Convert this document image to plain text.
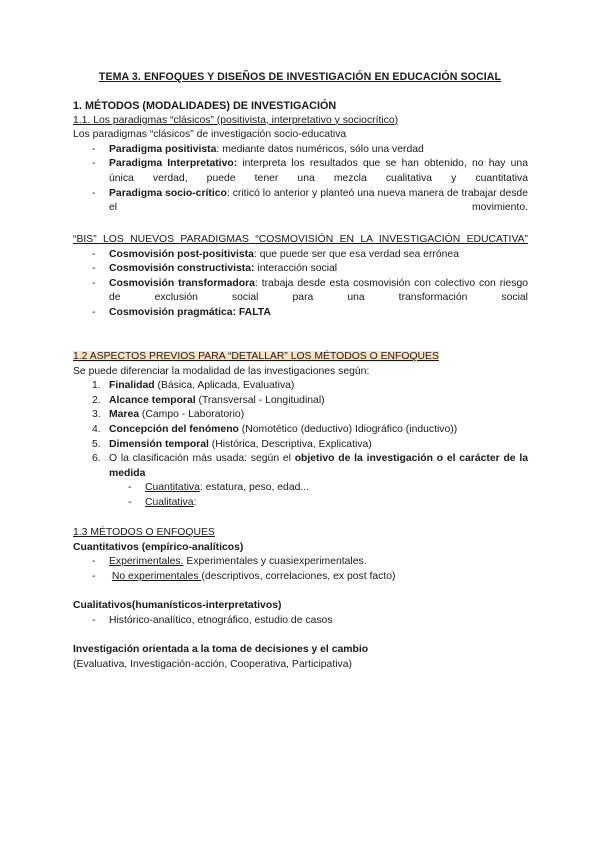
TEMA 3. ENFOQUES Y DISEÑOS DE INVESTIGACIÓN EN EDUCACIÓN SOCIAL
1. MÉTODOS (MODALIDADES) DE INVESTIGACIÓN
1.1. Los paradigmas “clásicos” (positivista, interpretativo y sociocrítico)
Los paradigmas “clásicos” de investigación socio-educativa
- Paradigma positivista: mediante datos numéricos, sólo una verdad
- Paradigma Interpretativo: interpreta los resultados que se han obtenido, no hay una única verdad, puede tener una mezcla cualitativa y cuantitativa
- Paradigma socio-crítico: criticó lo anterior y planteó una nueva manera de trabajar desde el movimiento.
“BIS” LOS NUEVOS PARADIGMAS “COSMOVISIÓN EN LA INVESTIGACIÓN EDUCATIVA”
- Cosmovisión post-positivista: que puede ser que esa verdad sea errónea
- Cosmovisión constructivista: interacción social
- Cosmovisión transformadora: trabaja desde esta cosmovisión con colectivo con riesgo de exclusión social para una transformación social
- Cosmovisión pragmática: FALTA
1.2 ASPECTOS PREVIOS PARA “DETALLAR” LOS MÉTODOS O ENFOQUES
Se puede diferenciar la modalidad de las investigaciones según:
1. Finalidad (Básica, Aplicada, Evaluativa)
2. Alcance temporal (Transversal - Longitudinal)
3. Marea (Campo - Laboratorio)
4. Concepción del fenómeno (Nomotético (deductivo) Idiográfico (inductivo))
5. Dimensión temporal (Histórica, Descriptiva, Explicativa)
6. O la clasificación más usada: según el objetivo de la investigación o el carácter de la medida
- Cuantitativa: estatura, peso, edad...
- Cualitativa:
1.3 MÉTODOS O ENFOQUES
Cuantitativos (empírico-analíticos)
- Experimentales. Experimentales y cuasiexperimentales.
- No experimentales (descriptivos, correlaciones, ex post facto)
Cualitativos(humanísticos-interpretativos)
- Histórico-analítico, etnográfico, estudio de casos
Investigación orientada a la toma de decisiones y el cambio
(Evaluativa, Investigación-acción, Cooperativa, Participativa)
